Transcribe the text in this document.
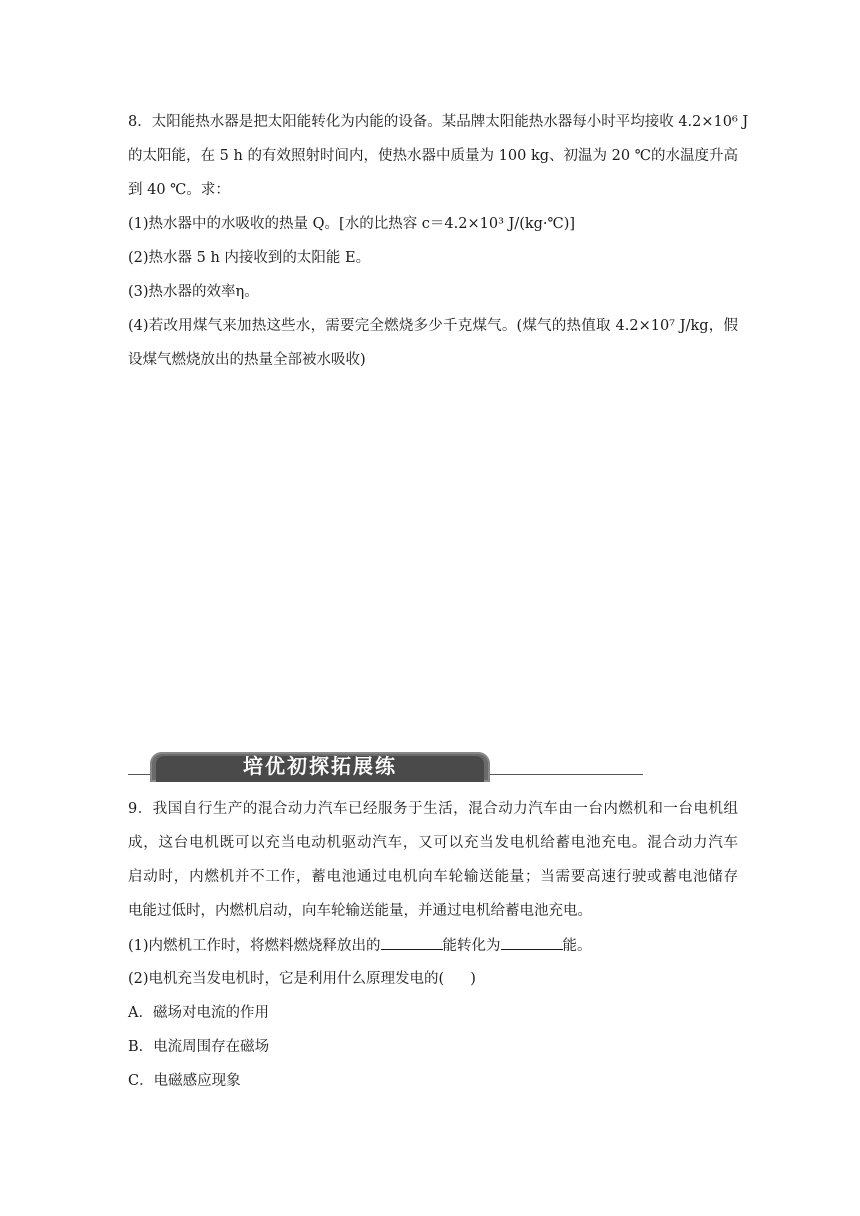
8．太阳能热水器是把太阳能转化为内能的设备。某品牌太阳能热水器每小时平均接收 4.2×10⁶ J
的太阳能，在 5 h 的有效照射时间内，使热水器中质量为 100 kg、初温为 20 ℃的水温度升高
到 40 ℃。求：
(1)热水器中的水吸收的热量 Q。[水的比热容 c＝4.2×10³ J/(kg·℃)]
(2)热水器 5 h 内接收到的太阳能 E。
(3)热水器的效率η。
(4)若改用煤气来加热这些水，需要完全燃烧多少千克煤气。(煤气的热值取 4.2×10⁷ J/kg，假
设煤气燃烧放出的热量全部被水吸收)
培优初探拓展练
9．我国自行生产的混合动力汽车已经服务于生活，混合动力汽车由一台内燃机和一台电机组
成，这台电机既可以充当电动机驱动汽车，又可以充当发电机给蓄电池充电。混合动力汽车
启动时，内燃机并不工作，蓄电池通过电机向车轮输送能量；当需要高速行驶或蓄电池储存
电能过低时，内燃机启动，向车轮输送能量，并通过电机给蓄电池充电。
(1)内燃机工作时，将燃料燃烧释放出的	能转化为	能。
(2)电机充当发电机时，它是利用什么原理发电的( )
A．磁场对电流的作用
B．电流周围存在磁场
C．电磁感应现象
